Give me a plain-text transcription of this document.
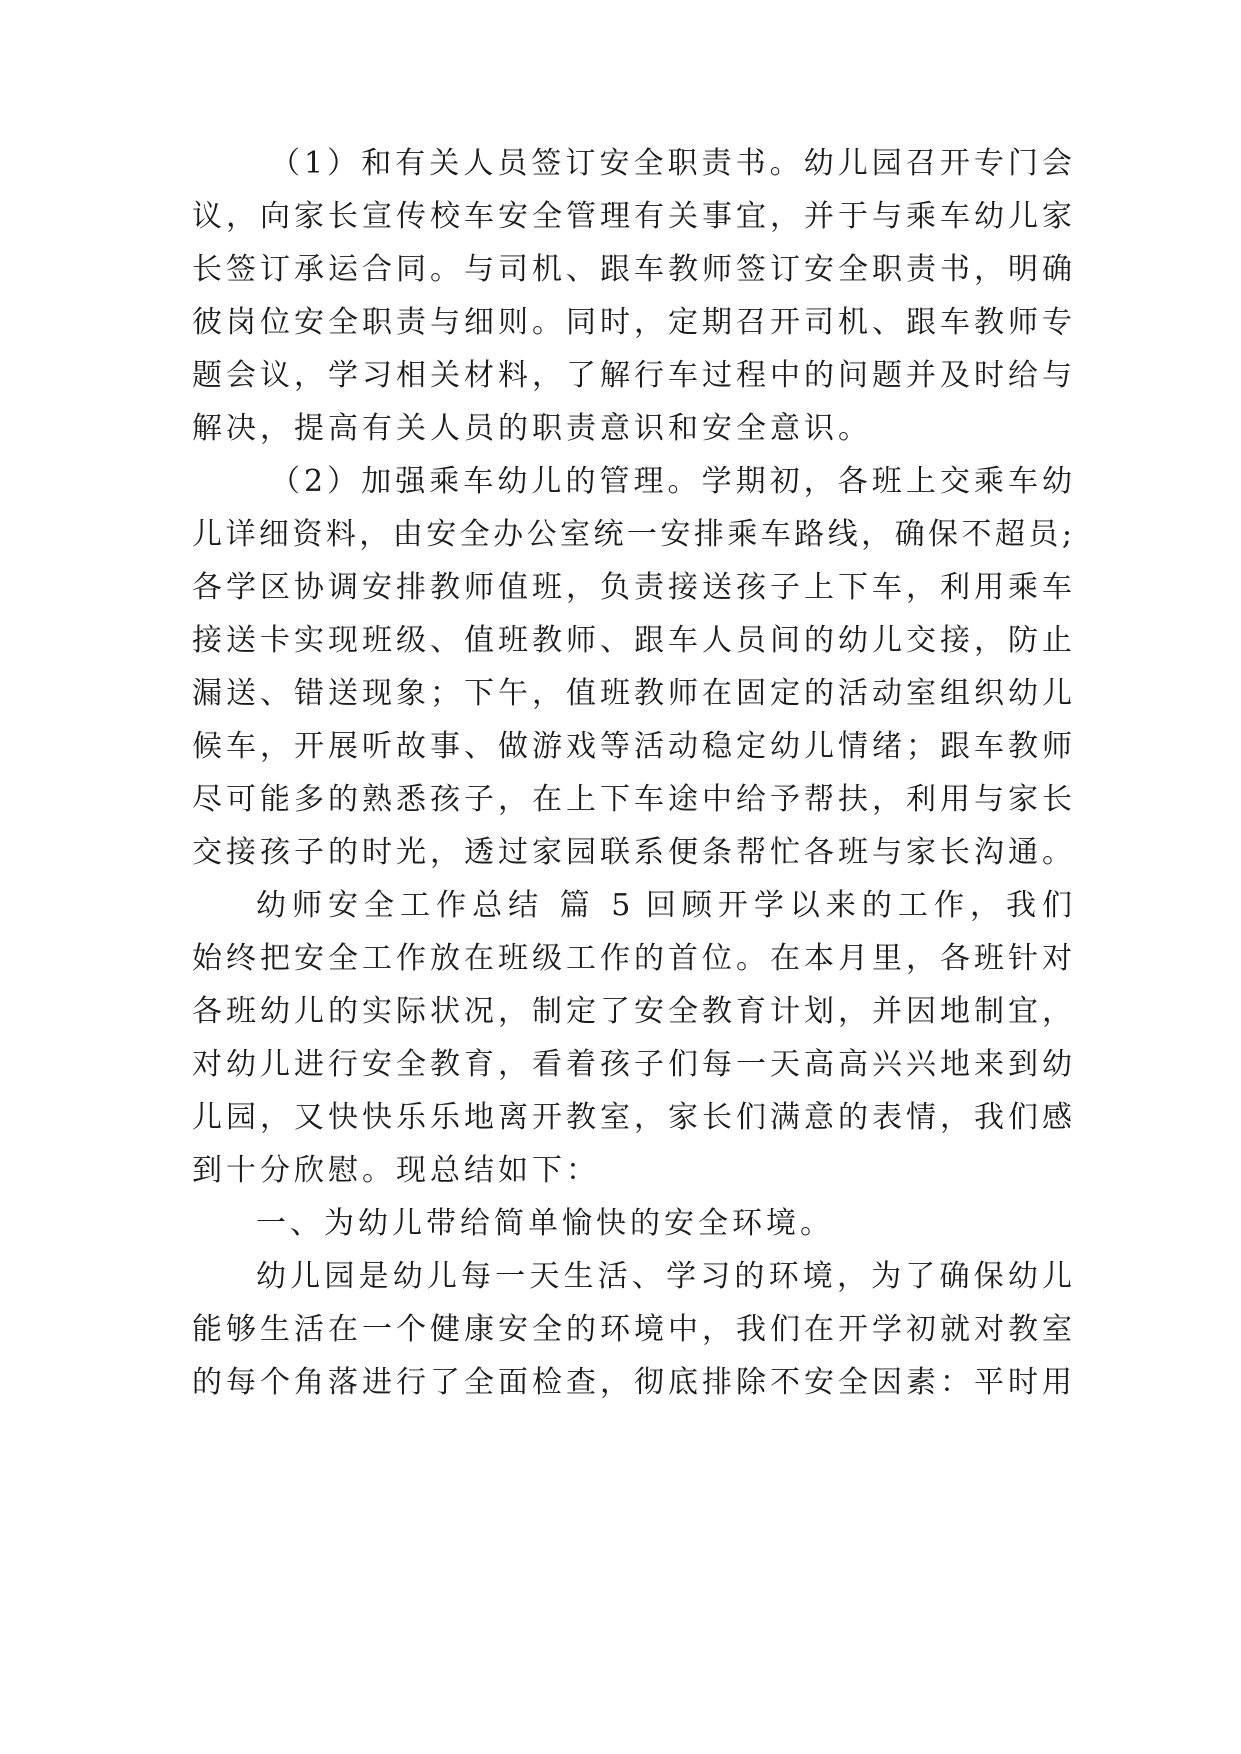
（1）和有关人员签订安全职责书。幼儿园召开专门会
议，向家长宣传校车安全管理有关事宜，并于与乘车幼儿家
长签订承运合同。与司机、跟车教师签订安全职责书，明确
彼岗位安全职责与细则。同时，定期召开司机、跟车教师专
题会议，学习相关材料，了解行车过程中的问题并及时给与
解决，提高有关人员的职责意识和安全意识。
（2）加强乘车幼儿的管理。学期初，各班上交乘车幼
儿详细资料，由安全办公室统一安排乘车路线，确保不超员;
各学区协调安排教师值班，负责接送孩子上下车，利用乘车
接送卡实现班级、值班教师、跟车人员间的幼儿交接，防止
漏送、错送现象；下午，值班教师在固定的活动室组织幼儿
候车，开展听故事、做游戏等活动稳定幼儿情绪；跟车教师
尽可能多的熟悉孩子，在上下车途中给予帮扶，利用与家长
交接孩子的时光，透过家园联系便条帮忙各班与家长沟通。
幼师安全工作总结 篇 5 回顾开学以来的工作，我们
始终把安全工作放在班级工作的首位。在本月里，各班针对
各班幼儿的实际状况，制定了安全教育计划，并因地制宜，
对幼儿进行安全教育，看着孩子们每一天高高兴兴地来到幼
儿园，又快快乐乐地离开教室，家长们满意的表情，我们感
到十分欣慰。现总结如下：
一、为幼儿带给简单愉快的安全环境。
幼儿园是幼儿每一天生活、学习的环境，为了确保幼儿
能够生活在一个健康安全的环境中，我们在开学初就对教室
的每个角落进行了全面检查，彻底排除不安全因素：平时用
